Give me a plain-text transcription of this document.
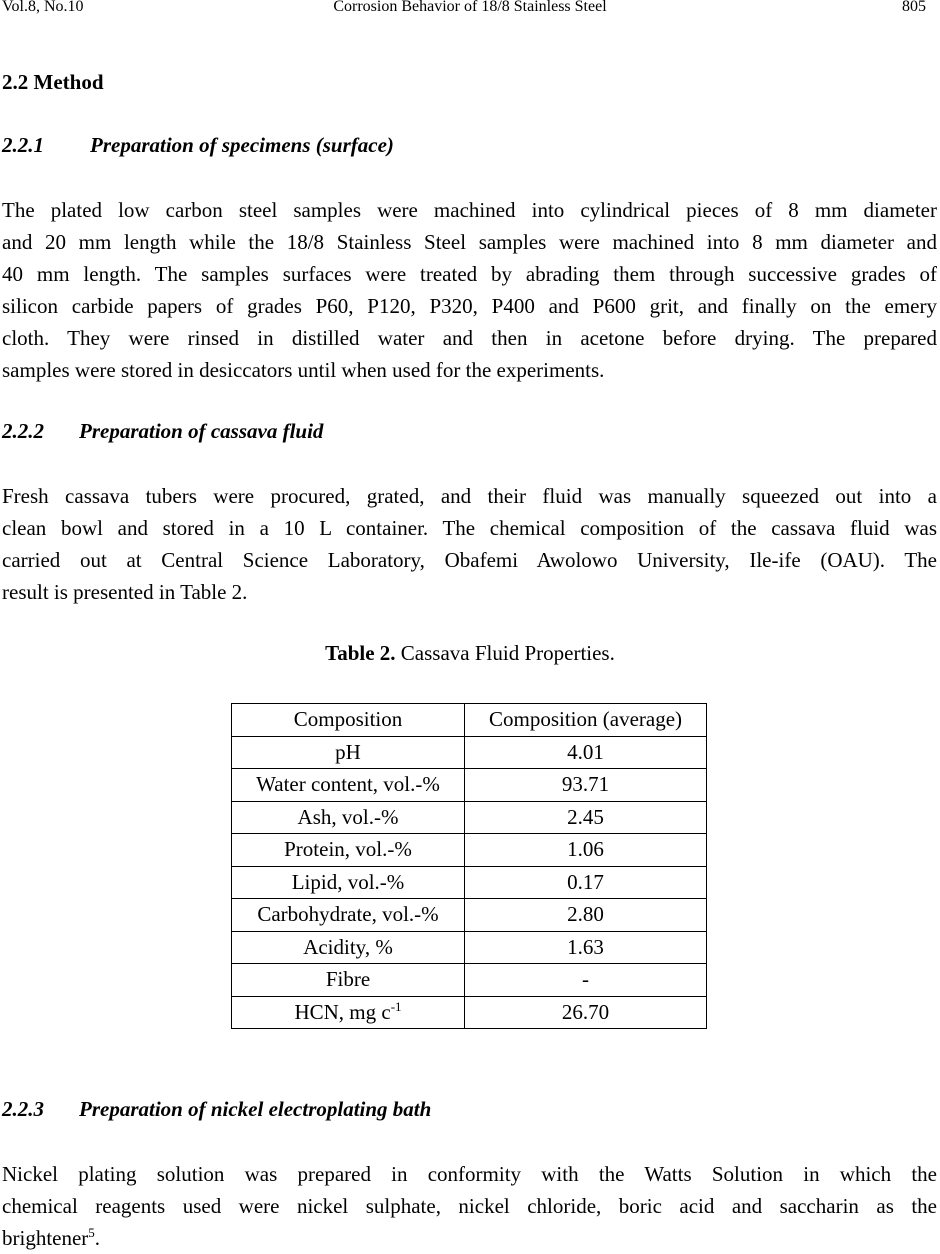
Vol.8, No.10	Corrosion Behavior of 18/8 Stainless Steel	805
2.2 Method
2.2.1 Preparation of specimens (surface)
The plated low carbon steel samples were machined into cylindrical pieces of 8 mm diameter
and 20 mm length while the 18/8 Stainless Steel samples were machined into 8 mm diameter and
40 mm length. The samples surfaces were treated by abrading them through successive grades of
silicon carbide papers of grades P60, P120, P320, P400 and P600 grit, and finally on the emery
cloth. They were rinsed in distilled water and then in acetone before drying. The prepared
samples were stored in desiccators until when used for the experiments.
2.2.2 Preparation of cassava fluid
Fresh cassava tubers were procured, grated, and their fluid was manually squeezed out into a
clean bowl and stored in a 10 L container. The chemical composition of the cassava fluid was
carried out at Central Science Laboratory, Obafemi Awolowo University, Ile-ife (OAU). The
result is presented in Table 2.
Table 2. Cassava Fluid Properties.
Composition	Composition (average)
pH	4.01
Water content, vol.-%	93.71
Ash, vol.-%	2.45
Protein, vol.-%	1.06
Lipid, vol.-%	0.17
Carbohydrate, vol.-%	2.80
Acidity, %	1.63
Fibre	-
HCN, mg $c^{-1}$	26.70
2.2.3 Preparation of nickel electroplating bath
Nickel plating solution was prepared in conformity with the Watts Solution in which the
chemical reagents used were nickel sulphate, nickel chloride, boric acid and saccharin as the
brightener$^5$.
